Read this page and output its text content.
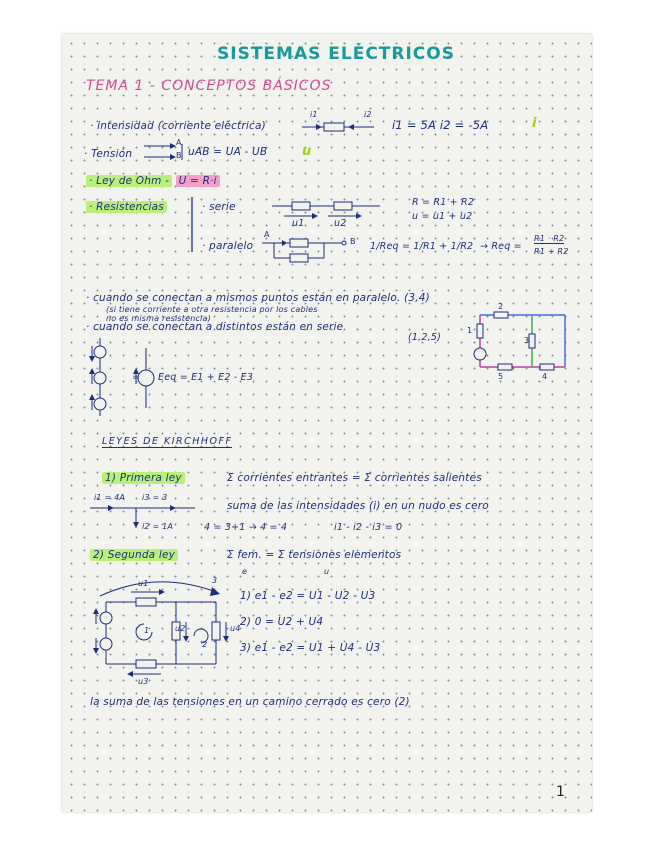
SISTEMAS ELÉCTRICOS
TEMA 1 - CONCEPTOS BÁSICOS
· intensidad (corriente eléctrica)
i1	i2
i1 = 5A i2 = -5A	i
· Tensión
A
B uAB = UA - UB	u
· Ley de Ohm - U = R·i
· Resistencias	· serie
u1	u2
R = R1 + R2
u = u1 + u2
· paralelo
A
B 1/Req = 1/R1 + 1/R2 → Req =
R1 · R2
R1 + R2
· cuando se conectan a mismos puntos están en paralelo. (3,4)
(si tiene corriente a otra resistencia por los cables
no es misma resistencia)
· cuando se conectan a distintos están en serie
(1,2,5)
2
1
3
5	4
= Eeq = E1 + E2 - E3
LEYES DE KIRCHHOFF
1) Primera ley	Σ corrientes entrantes = Σ corrientes salientes
suma de las intensidades (i) en un nudo es cero
i1 = 4A i3 = 3
i2 = 1A	4 = 3+1 → 4 = 4	i1 - i2 - i3 = 0
2) Segunda ley	Σ fem. = Σ tensiones elementos
e	u
u1	3
1
2
u2	u4
u3
1) e1 - e2 = U1 - U2 - U3
2) 0 = U2 + U4
3) e1 - e2 = U1 + U4 - U3
la suma de las tensiones en un camino cerrado es cero (2)
1
